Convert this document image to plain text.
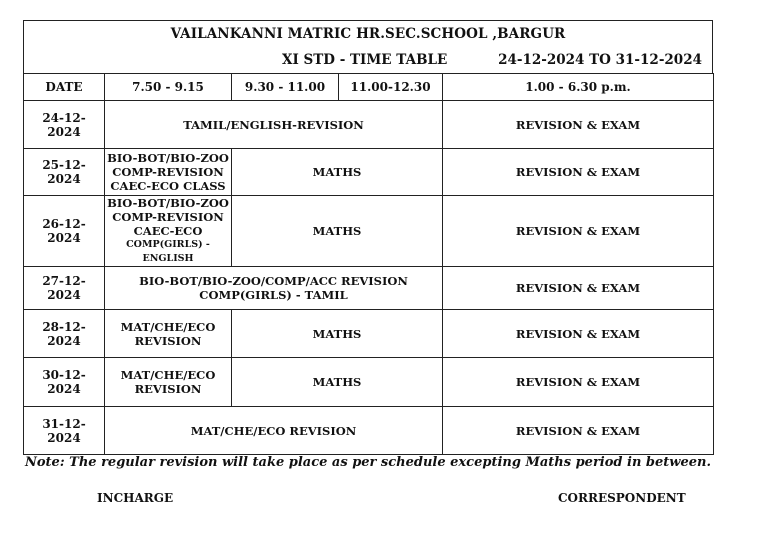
VAILANKANNI MATRIC HR.SEC.SCHOOL ,BARGUR
XI STD - TIME TABLE	24-12-2024 TO 31-12-2024
DATE	7.50 - 9.15	9.30 - 11.00	11.00-12.30	1.00 - 6.30 p.m.
24-12-2024	TAMIL/ENGLISH-REVISION			REVISION & EXAM
25-12-2024	BIO-BOT/BIO-ZOO
COMP-REVISION
CAEC-ECO CLASS	MATHS		REVISION & EXAM
26-12-2024	BIO-BOT/BIO-ZOO
COMP-REVISION
CAEC-ECO
COMP(GIRLS) - ENGLISH	MATHS		REVISION & EXAM
27-12-2024	BIO-BOT/BIO-ZOO/COMP/ACC REVISION
COMP(GIRLS) - TAMIL			REVISION & EXAM
28-12-2024	MAT/CHE/ECO
REVISION	MATHS		REVISION & EXAM
30-12-2024	MAT/CHE/ECO
REVISION	MATHS		REVISION & EXAM
31-12-2024	MAT/CHE/ECO REVISION			REVISION & EXAM
Note: The regular revision will take place as per schedule excepting Maths period in between.
INCHARGE	CORRESPONDENT
